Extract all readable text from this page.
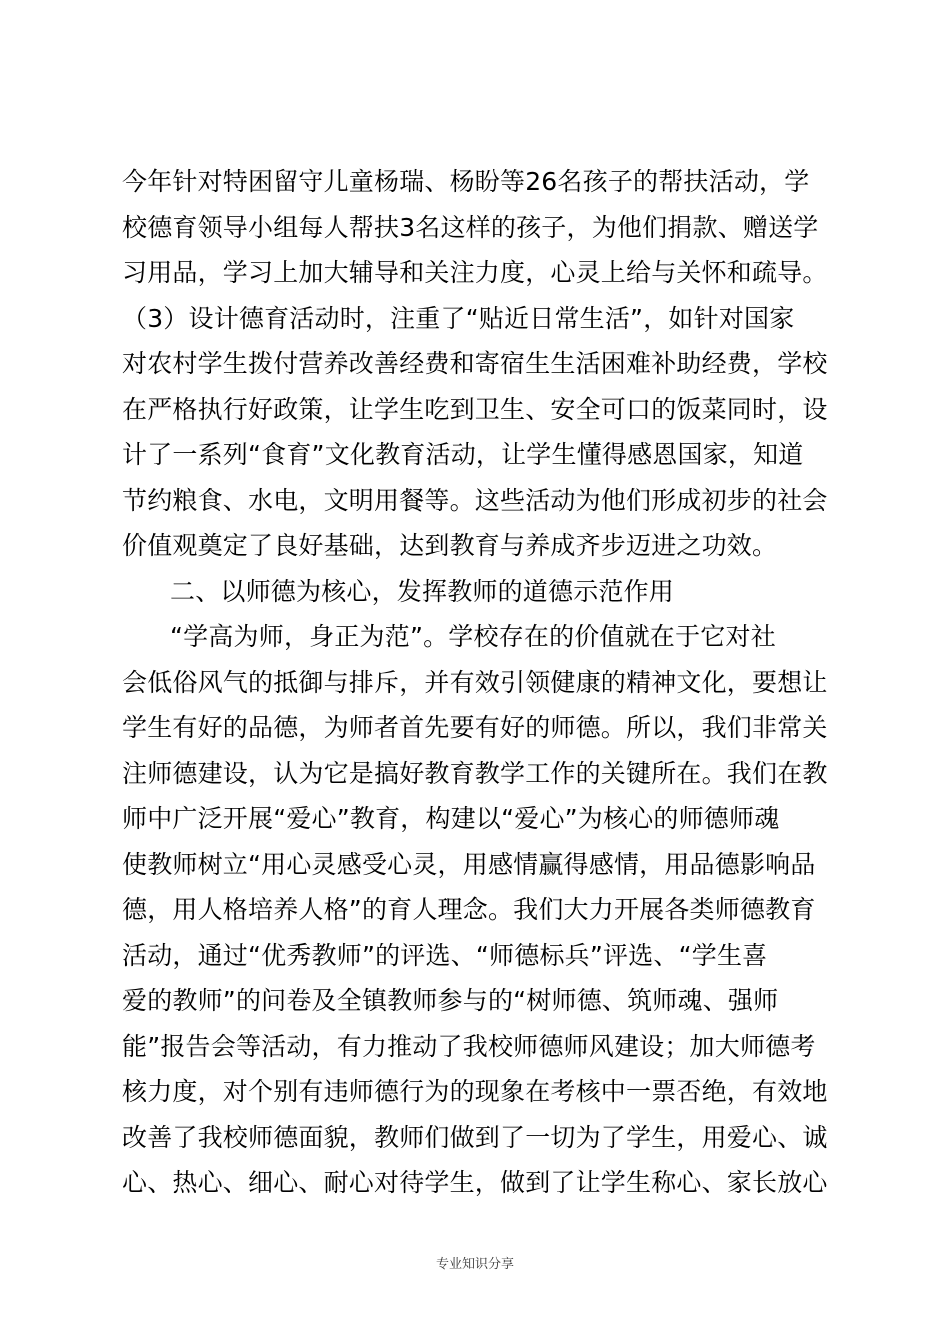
今年针对特困留守儿童杨瑞、杨盼等26名孩子的帮扶活动，学
校德育领导小组每人帮扶3名这样的孩子，为他们捐款、赠送学
习用品，学习上加大辅导和关注力度，心灵上给与关怀和疏导。
（3）设计德育活动时，注重了“贴近日常生活”，如针对国家
对农村学生拨付营养改善经费和寄宿生生活困难补助经费，学校
在严格执行好政策，让学生吃到卫生、安全可口的饭菜同时，设
计了一系列“食育”文化教育活动，让学生懂得感恩国家，知道
节约粮食、水电，文明用餐等。这些活动为他们形成初步的社会
价值观奠定了良好基础，达到教育与养成齐步迈进之功效。
二、以师德为核心，发挥教师的道德示范作用
“学高为师，身正为范”。学校存在的价值就在于它对社
会低俗风气的抵御与排斥，并有效引领健康的精神文化，要想让
学生有好的品德，为师者首先要有好的师德。所以，我们非常关
注师德建设，认为它是搞好教育教学工作的关键所在。我们在教
师中广泛开展“爱心”教育，构建以“爱心”为核心的师德师魂
使教师树立“用心灵感受心灵，用感情赢得感情，用品德影响品
德，用人格培养人格”的育人理念。我们大力开展各类师德教育
活动，通过“优秀教师”的评选、“师德标兵”评选、“学生喜
爱的教师”的问卷及全镇教师参与的“树师德、筑师魂、强师
能”报告会等活动，有力推动了我校师德师风建设；加大师德考
核力度，对个别有违师德行为的现象在考核中一票否绝，有效地
改善了我校师德面貌，教师们做到了一切为了学生，用爱心、诚
心、热心、细心、耐心对待学生，做到了让学生称心、家长放心
专业知识分享
